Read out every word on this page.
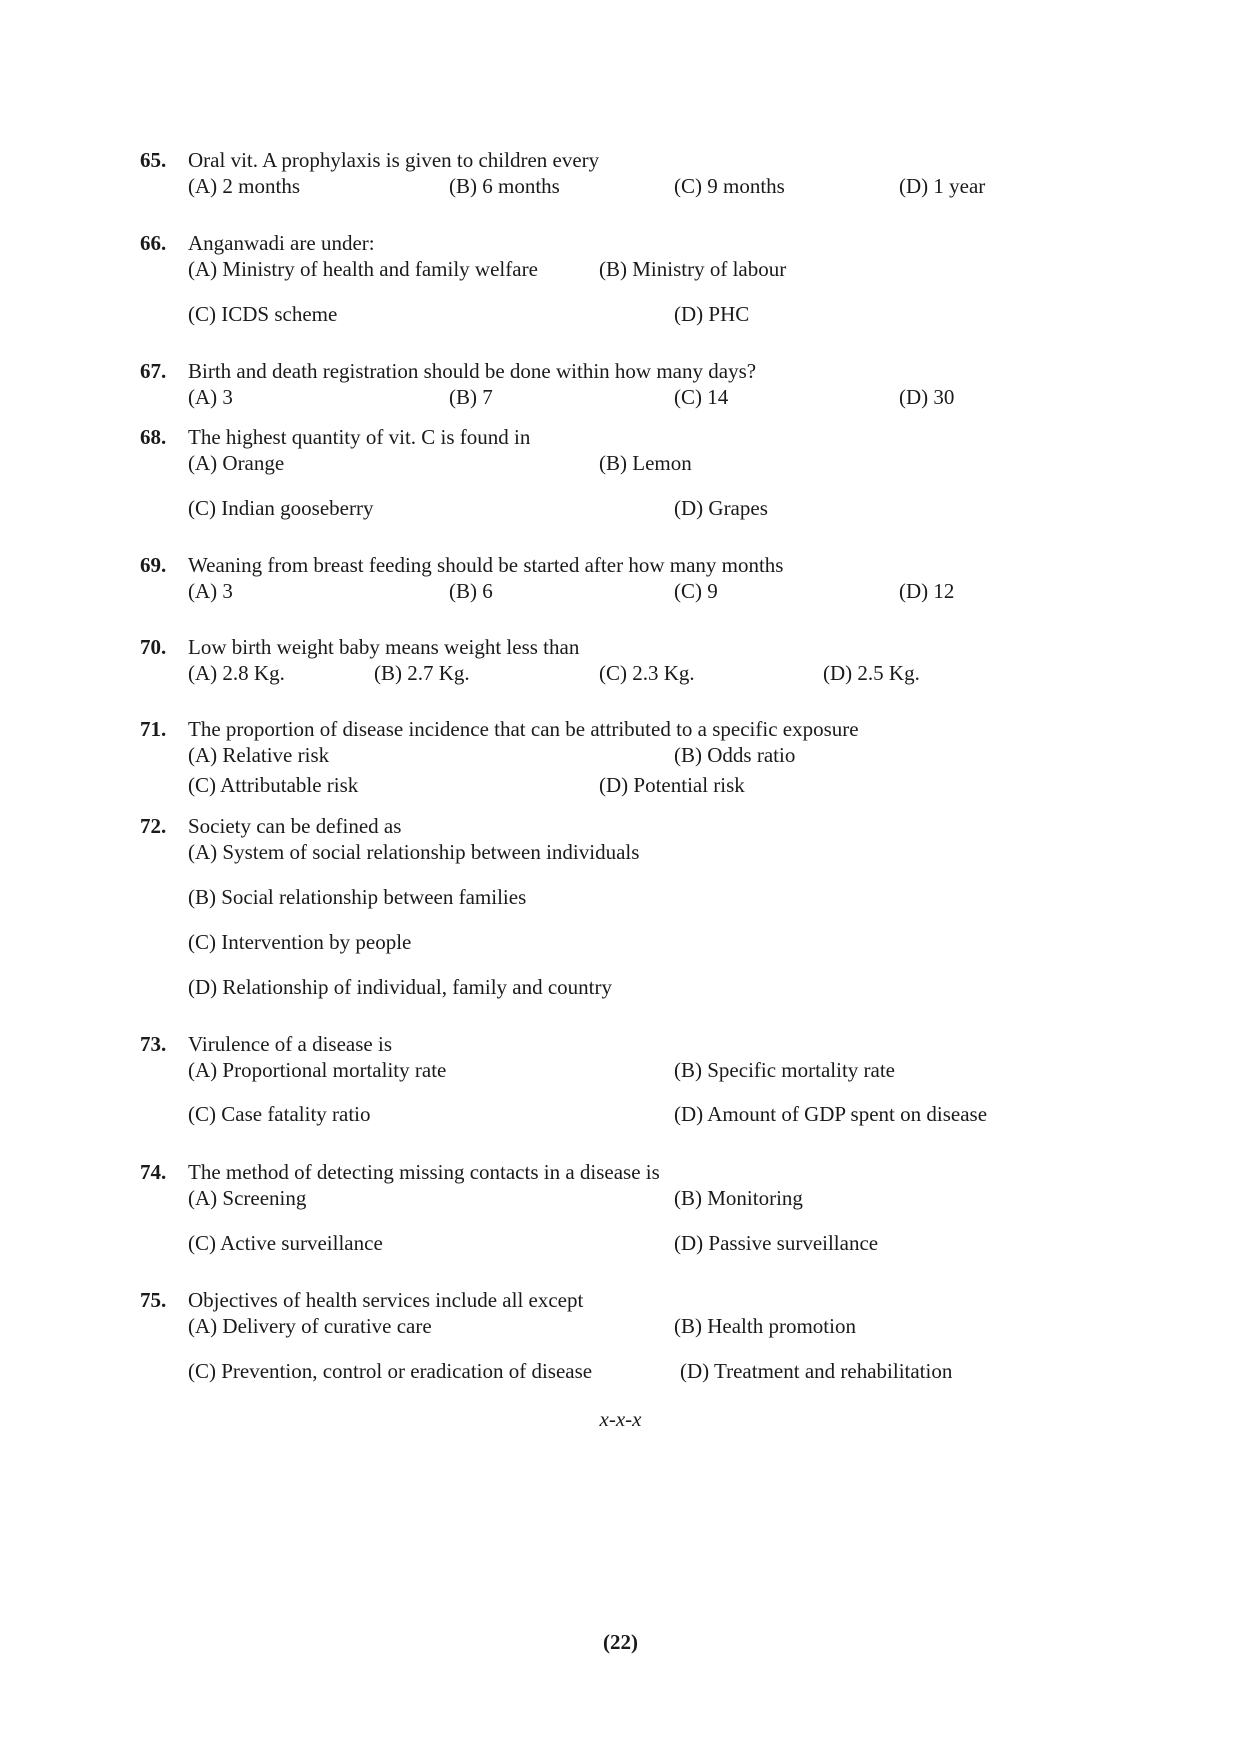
65. Oral vit. A prophylaxis is given to children every
(A) 2 months	(B) 6 months	(C) 9 months	(D) 1 year
66. Anganwadi are under:
(A) Ministry of health and family welfare	(B) Ministry of labour
(C) ICDS scheme	(D) PHC
67. Birth and death registration should be done within how many days?
(A) 3	(B) 7	(C) 14	(D) 30
68. The highest quantity of vit. C is found in
(A) Orange	(B) Lemon
(C) Indian gooseberry	(D) Grapes
69. Weaning from breast feeding should be started after how many months
(A) 3	(B) 6	(C) 9	(D) 12
70. Low birth weight baby means weight less than
(A) 2.8 Kg.	(B) 2.7 Kg.	(C) 2.3 Kg.	(D) 2.5 Kg.
71. The proportion of disease incidence that can be attributed to a specific exposure
(A) Relative risk	(B) Odds ratio
(C) Attributable risk	(D) Potential risk
72. Society can be defined as
(A) System of social relationship between individuals
(B) Social relationship between families
(C) Intervention by people
(D) Relationship of individual, family and country
73. Virulence of a disease is
(A) Proportional mortality rate	(B) Specific mortality rate
(C) Case fatality ratio	(D) Amount of GDP spent on disease
74. The method of detecting missing contacts in a disease is
(A) Screening	(B) Monitoring
(C) Active surveillance	(D) Passive surveillance
75. Objectives of health services include all except
(A) Delivery of curative care	(B) Health promotion
(C) Prevention, control or eradication of disease	(D) Treatment and rehabilitation
x-x-x
(22)
